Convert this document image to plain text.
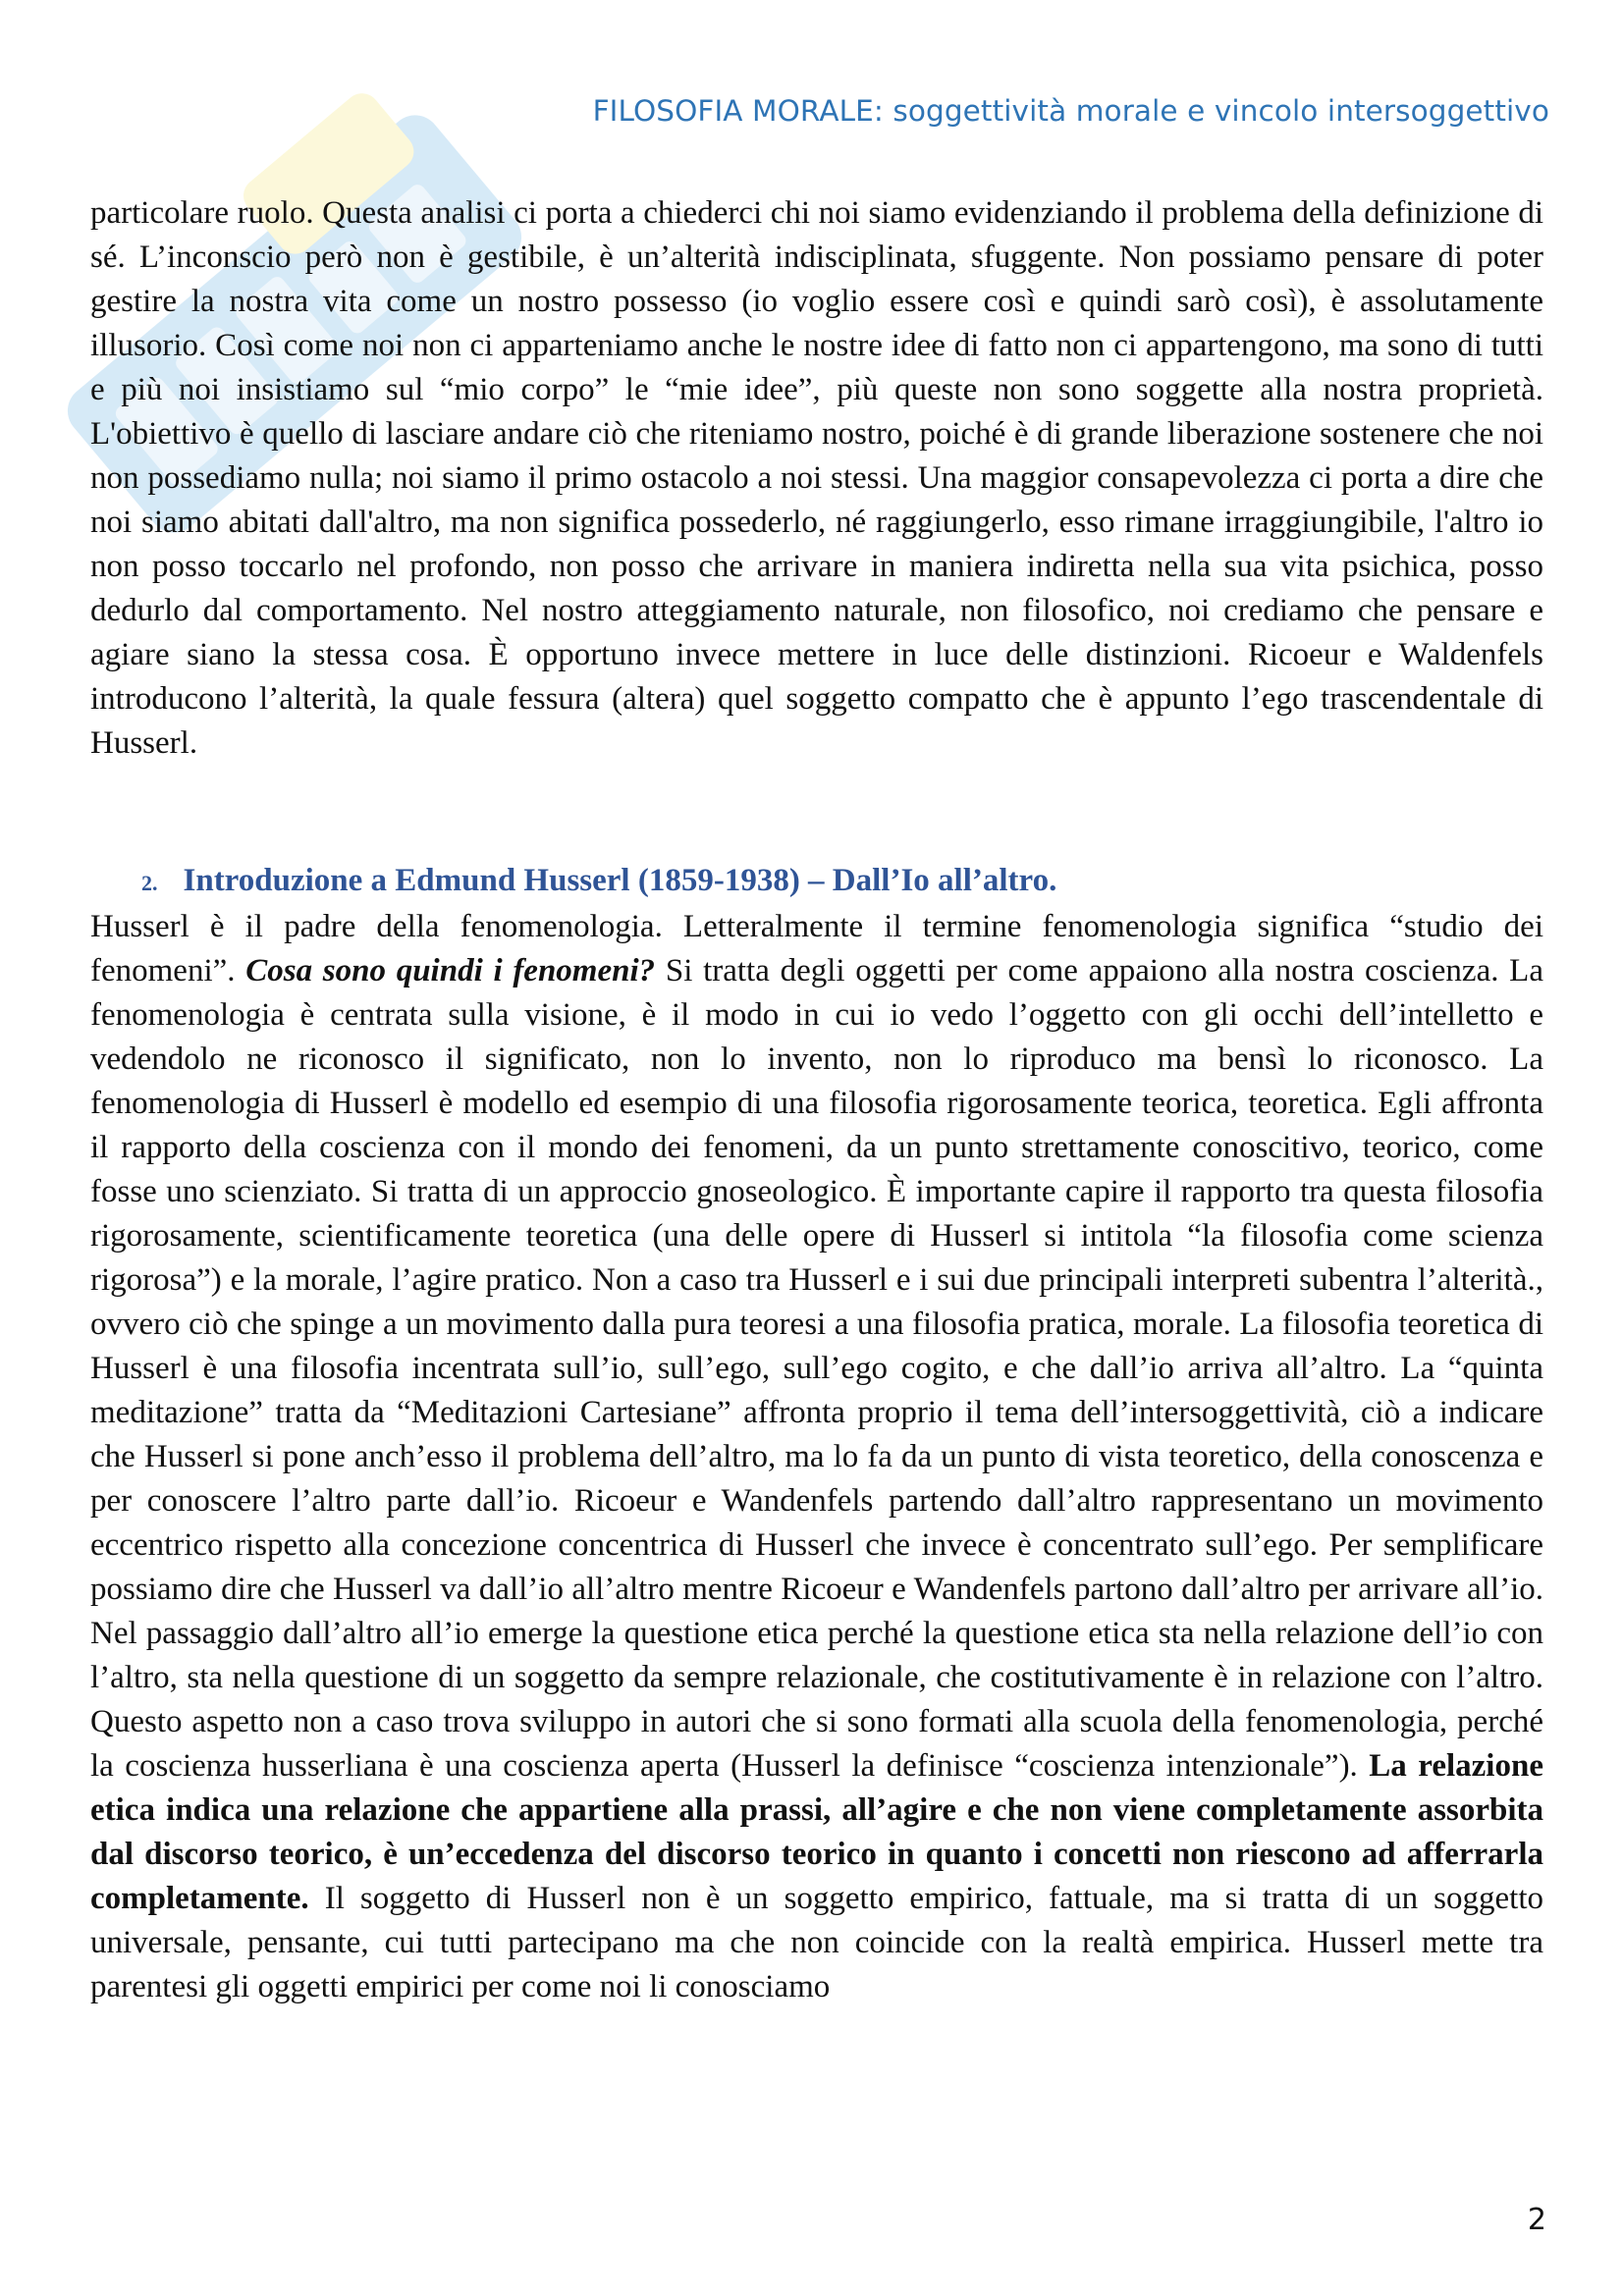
FILOSOFIA MORALE: soggettività morale e vincolo intersoggettivo

particolare ruolo. Questa analisi ci porta a chiederci chi noi siamo evidenziando il problema della definizione di sé. L’inconscio però non è gestibile, è un’alterità indisciplinata, sfuggente. Non possiamo pensare di poter gestire la nostra vita come un nostro possesso (io voglio essere così e quindi sarò così), è assolutamente illusorio. Così come noi non ci apparteniamo anche le nostre idee di fatto non ci appartengono, ma sono di tutti e più noi insistiamo sul “mio corpo” le “mie idee”, più queste non sono soggette alla nostra proprietà. L'obiettivo è quello di lasciare andare ciò che riteniamo nostro, poiché è di grande liberazione sostenere che noi non possediamo nulla; noi siamo il primo ostacolo a noi stessi. Una maggior consapevolezza ci porta a dire che noi siamo abitati dall'altro, ma non significa possederlo, né raggiungerlo, esso rimane irraggiungibile, l'altro io non posso toccarlo nel profondo, non posso che arrivare in maniera indiretta nella sua vita psichica, posso dedurlo dal comportamento. Nel nostro atteggiamento naturale, non filosofico, noi crediamo che pensare e agiare siano la stessa cosa. È opportuno invece mettere in luce delle distinzioni. Ricoeur e Waldenfels introducono l’alterità, la quale fessura (altera) quel soggetto compatto che è appunto l’ego trascendentale di Husserl.

2. Introduzione a Edmund Husserl (1859-1938) – Dall’Io all’altro.

Husserl è il padre della fenomenologia. Letteralmente il termine fenomenologia significa “studio dei fenomeni”. Cosa sono quindi i fenomeni? Si tratta degli oggetti per come appaiono alla nostra coscienza. La fenomenologia è centrata sulla visione, è il modo in cui io vedo l’oggetto con gli occhi dell’intelletto e vedendolo ne riconosco il significato, non lo invento, non lo riproduco ma bensì lo riconosco. La fenomenologia di Husserl è modello ed esempio di una filosofia rigorosamente teorica, teoretica. Egli affronta il rapporto della coscienza con il mondo dei fenomeni, da un punto strettamente conoscitivo, teorico, come fosse uno scienziato. Si tratta di un approccio gnoseologico. È importante capire il rapporto tra questa filosofia rigorosamente, scientificamente teoretica (una delle opere di Husserl si intitola “la filosofia come scienza rigorosa”) e la morale, l’agire pratico. Non a caso tra Husserl e i sui due principali interpreti subentra l’alterità., ovvero ciò che spinge a un movimento dalla pura teoresi a una filosofia pratica, morale. La filosofia teoretica di Husserl è una filosofia incentrata sull’io, sull’ego, sull’ego cogito, e che dall’io arriva all’altro. La “quinta meditazione” tratta da “Meditazioni Cartesiane” affronta proprio il tema dell’intersoggettività, ciò a indicare che Husserl si pone anch’esso il problema dell’altro, ma lo fa da un punto di vista teoretico, della conoscenza e per conoscere l’altro parte dall’io. Ricoeur e Wandenfels partendo dall’altro rappresentano un movimento eccentrico rispetto alla concezione concentrica di Husserl che invece è concentrato sull’ego. Per semplificare possiamo dire che Husserl va dall’io all’altro mentre Ricoeur e Wandenfels partono dall’altro per arrivare all’io. Nel passaggio dall’altro all’io emerge la questione etica perché la questione etica sta nella relazione dell’io con l’altro, sta nella questione di un soggetto da sempre relazionale, che costitutivamente è in relazione con l’altro. Questo aspetto non a caso trova sviluppo in autori che si sono formati alla scuola della fenomenologia, perché la coscienza husserliana è una coscienza aperta (Husserl la definisce “coscienza intenzionale”). La relazione etica indica una relazione che appartiene alla prassi, all’agire e che non viene completamente assorbita dal discorso teorico, è un’eccedenza del discorso teorico in quanto i concetti non riescono ad afferrarla completamente. Il soggetto di Husserl non è un soggetto empirico, fattuale, ma si tratta di un soggetto universale, pensante, cui tutti partecipano ma che non coincide con la realtà empirica. Husserl mette tra parentesi gli oggetti empirici per come noi li conosciamo

2
